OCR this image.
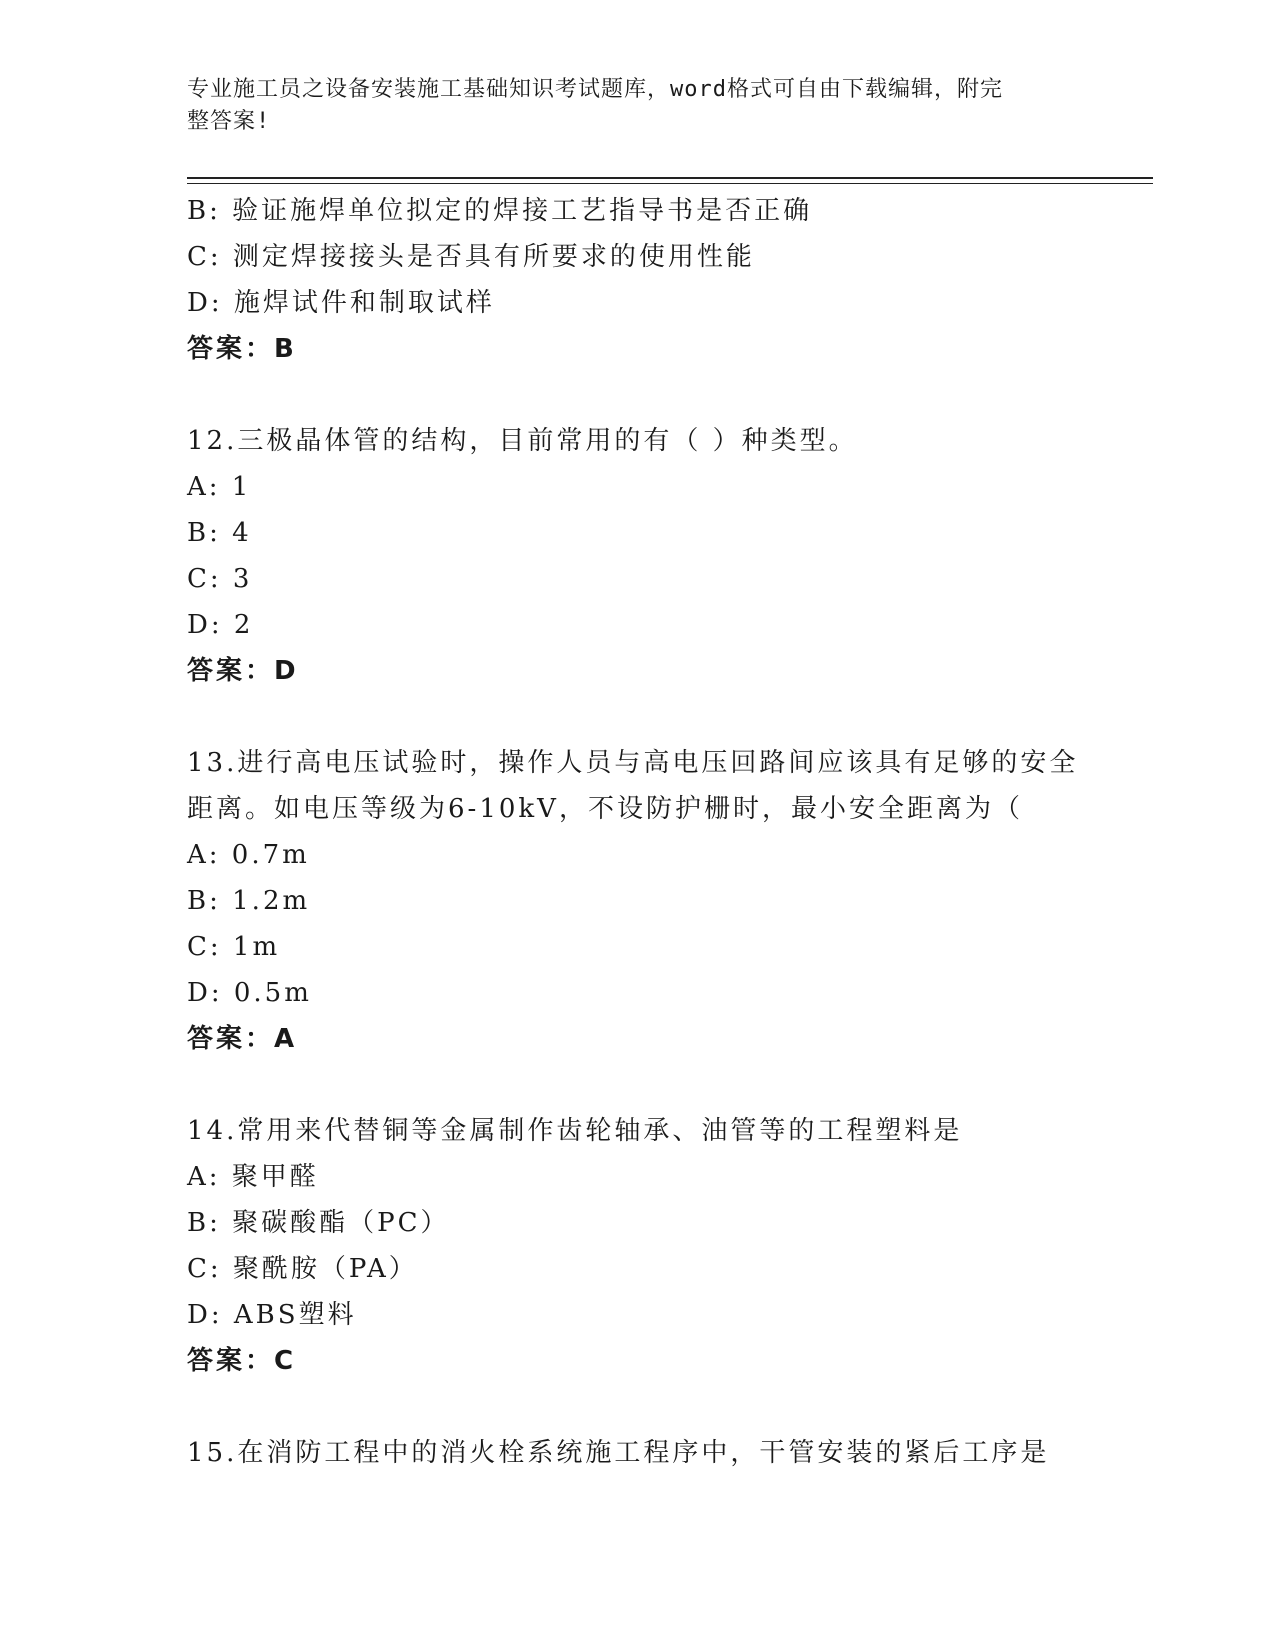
专业施工员之设备安装施工基础知识考试题库，word格式可自由下载编辑，附完
整答案!
B: 验证施焊单位拟定的焊接工艺指导书是否正确
C: 测定焊接接头是否具有所要求的使用性能
D: 施焊试件和制取试样
答案：B
12.三极晶体管的结构，目前常用的有（ ）种类型。
A: 1
B: 4
C: 3
D: 2
答案：D
13.进行高电压试验时，操作人员与高电压回路间应该具有足够的安全
距离。如电压等级为6-10kV，不设防护栅时，最小安全距离为（
A: 0.7m
B: 1.2m
C: 1m
D: 0.5m
答案：A
14.常用来代替铜等金属制作齿轮轴承、油管等的工程塑料是
A: 聚甲醛
B: 聚碳酸酯（PC）
C: 聚酰胺（PA）
D: ABS塑料
答案：C
15.在消防工程中的消火栓系统施工程序中，干管安装的紧后工序是
